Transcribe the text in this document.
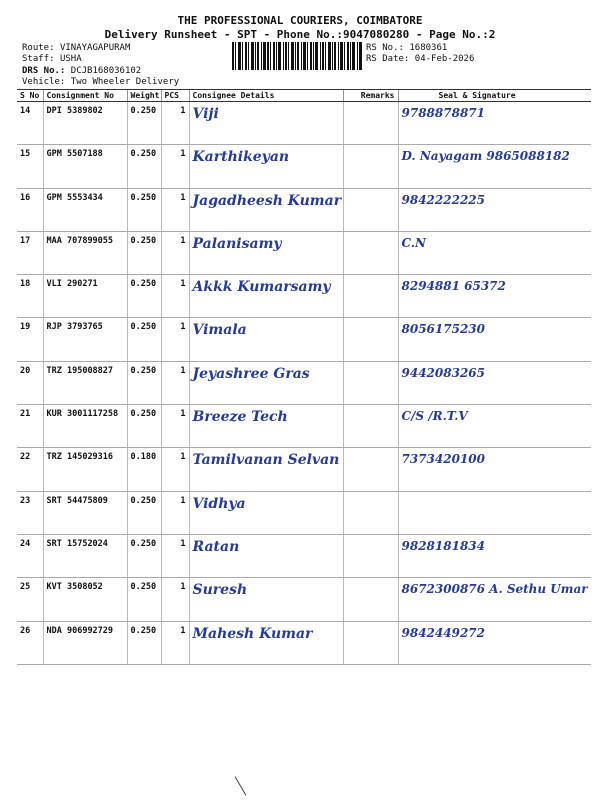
THE PROFESSIONAL COURIERS, COIMBATORE
Delivery Runsheet - SPT - Phone No.:9047080280 - Page No.:2
Route: VINAYAGAPURAM
Staff: USHA
DRS No.: DCJB168036102
Vehicle: Two Wheeler Delivery
RS No.: 1680361
RS Date: 04-Feb-2026
S No	Consignment No	Weight	PCS	Consignee Details	Remarks	Seal & Signature
14	DPI 5389802	0.250	1	Viji		9788878871
15	GPM 5507188	0.250	1	Karthikeyan		D. Nayagam 9865088182
16	GPM 5553434	0.250	1	Jagadheesh Kumar		9842222225
17	MAA 707899055	0.250	1	Palanisamy		C.N
18	VLI 290271	0.250	1	Akkk Kumarsamy		8294881 65372
19	RJP 3793765	0.250	1	Vimala		8056175230
20	TRZ 195008827	0.250	1	Jeyashree Gras		9442083265
21	KUR 3001117258	0.250	1	Breeze Tech		C/S /R.T.V
22	TRZ 145029316	0.180	1	Tamilvanan Selvan		7373420100
23	SRT 54475809	0.250	1	Vidhya		
24	SRT 15752024	0.250	1	Ratan		9828181834
25	KVT 3508052	0.250	1	Suresh		8672300876 A. Sethu Umar
26	NDA 906992729	0.250	1	Mahesh Kumar		9842449272
